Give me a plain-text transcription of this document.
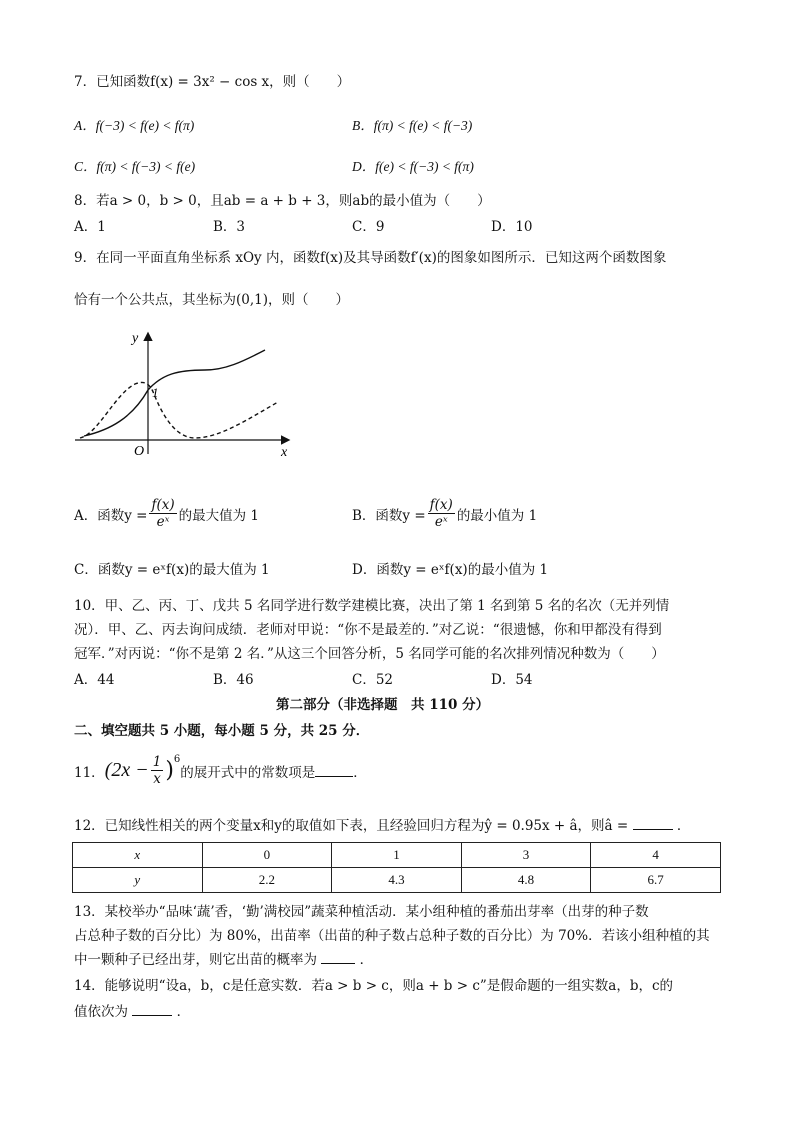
7．已知函数f(x) = 3x² − cos x，则（　　）
A．f(−3) < f(e) < f(π)	B．f(π) < f(e) < f(−3)
C．f(π) < f(−3) < f(e)	D．f(e) < f(−3) < f(π)
8．若a > 0，b > 0，且ab = a + b + 3，则ab的最小值为（　　）
A．1	B．3	C．9	D．10
9．在同一平面直角坐标系 xOy 内，函数f(x)及其导函数f′(x)的图象如图所示．已知这两个函数图象
恰有一个公共点，其坐标为(0,1)，则（　　）
y
x
O
1
A．函数$y = \frac{f(x)}{\text{eˣ}}$ 的最大值为 1	B．函数$y = \frac{f(x)}{\text{eˣ}}$ 的最小值为 1
C．函数y = eˣf(x)的最大值为 1	D．函数y = eˣf(x)的最小值为 1
10．甲、乙、丙、丁、戊共 5 名同学进行数学建模比赛，决出了第 1 名到第 5 名的名次（无并列情
况）．甲、乙、丙去询问成绩．老师对甲说：“你不是最差的．”对乙说：“很遗憾，你和甲都没有得到
冠军．”对丙说：“你不是第 2 名．”从这三个回答分析，5 名同学可能的名次排列情况种数为（　　）
A．44	B．46	C．52	D．54
第二部分（非选择题　共 110 分）
二、填空题共 5 小题，每小题 5 分，共 25 分．
11． ($2x - \frac{1}{x}$ ) 6
的展开式中的常数项是	．
12．已知线性相关的两个变量x和y的取值如下表，且经验回归方程为ŷ = 0.95x + â，则â =	．
x	0	1	3	4
y	2.2	4.3	4.8	6.7
13．某校举办“品味‘蔬’香，‘勤’满校园”蔬菜种植活动．某小组种植的番茄出芽率（出芽的种子数
占总种子数的百分比）为 80%，出苗率（出苗的种子数占总种子数的百分比）为 70%．若该小组种植的其
中一颗种子已经出芽，则它出苗的概率为	．
14．能够说明“设a，b，c是任意实数．若a > b > c，则a + b > c”是假命题的一组实数a，b，c的
值依次为	．
